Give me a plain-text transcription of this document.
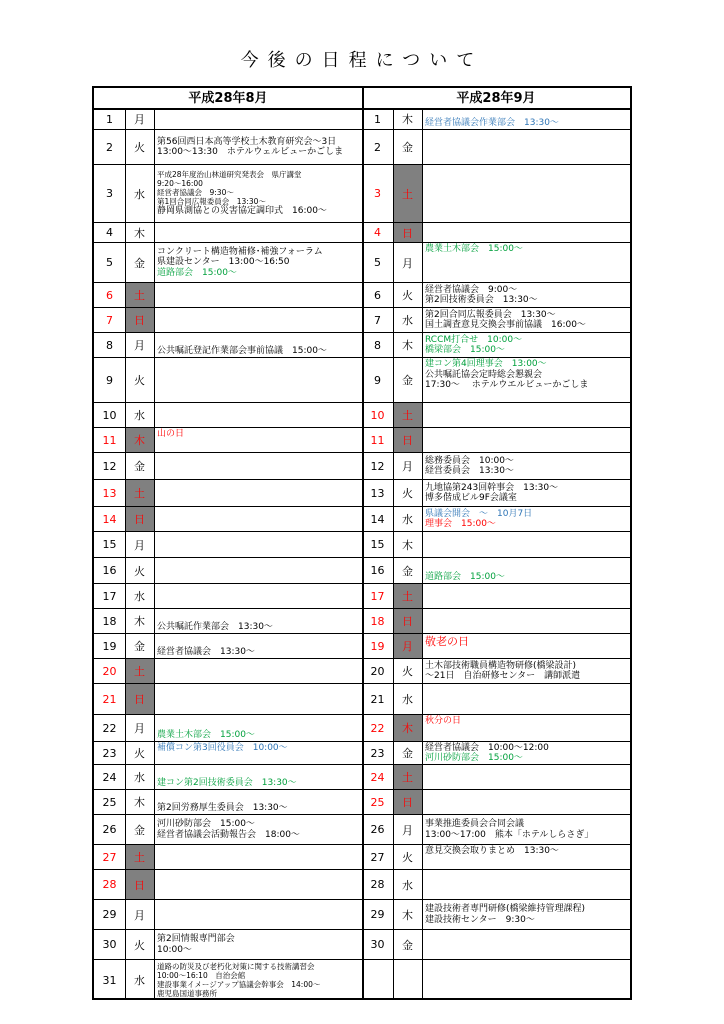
今後の日程について
平成28年8月	平成28年9月
1	月
2	火	第56回西日本高等学校土木教育研究会～3日
13:00～13:30　ホテルウェルビューかごしま
3	水
平成28年度治山林道研究発表会　県庁講堂
9:20～16:00
経営者協議会　9:30～
第1回合同広報委員会　13:30～
静岡県測協との災害協定調印式　16:00～
4	木
5	金
コンクリート構造物補修･補強フォーラム
県建設センター　13:00～16:50
道路部会　15:00～
6	土
7	日
8	月	公共嘱託登記作業部会事前協議　15:00～
9	火
10	水
11	木	山の日
12	金
13	土
14	日
15	月
16	火
17	水
18	木	公共嘱託作業部会　13:30～
19	金	経営者協議会　13:30～
20	土
21	日
22	月	農業土木部会　15:00～
23	火	補償コン第3回役員会　10:00～
24	水	建コン第2回技術委員会　13:30～
25	木	第2回労務厚生委員会　13:30～
26	金	河川砂防部会　15:00～
経営者協議会活動報告会　18:00～
27	土
28	日
29	月
30	火	第2回情報専門部会
10:00～
31	水
道路の防災及び老朽化対策に関する技術講習会
10:00～16:10　自治会館
建設事業イメージアップ協議会幹事会　14:00～
鹿児島国道事務所
1	木	経営者協議会作業部会　13:30～
2	金
3	土
4	日
5	月
農業土木部会　15:00～
6	火	経営者協議会　9:00～
第2回技術委員会　13:30～
7	水	第2回合同広報委員会　13:30～
国土調査意見交換会事前協議　16:00～
8	木	RCCM打合せ　10:00～
橋梁部会　15:00～
9	金
建コン第4回理事会　13:00～
公共嘱託協会定時総会懇親会
17:30～　 ホテルウエルビューかごしま
10	土
11	日
12	月	総務委員会　10:00～
経営委員会　13:30～
13	火	九地協第243回幹事会　13:30～
博多偕成ビル9F会議室
14	水	県議会開会　～　10月7日
理事会　15:00～
15	木
16	金	道路部会　15:00～
17	土
18	日
19	月	敬老の日
20	火	土木部技術職員構造物研修(橋梁設計)
～21日　自治研修センター　講師派遣
21	水
22	木
秋分の日
23	金	経営者協議会　10:00～12:00
河川砂防部会　15:00～
24	土
25	日
26	月	事業推進委員会合同会議
13:00～17:00　熊本「ホテルしらさぎ」
27	火	意見交換会取りまとめ　13:30～
28	水
29	木	建設技術者専門研修(橋梁維持管理課程)
建設技術センター　9:30～
30	金
